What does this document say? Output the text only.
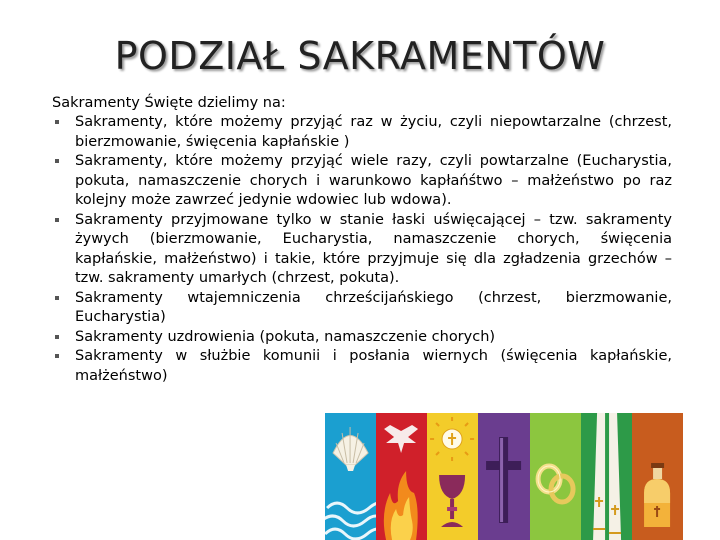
PODZIAŁ SAKRAMENTÓW
Sakramenty Święte dzielimy na:
Sakramenty, które możemy przyjąć raz w życiu, czyli niepowtarzalne (chrzest, bierzmowanie, święcenia kapłańskie )
Sakramenty, które możemy przyjąć wiele razy, czyli powtarzalne (Eucharystia, pokuta, namaszczenie chorych i warunkowo kapłańśtwo – małżeństwo po raz kolejny może zawrzeć jedynie wdowiec lub wdowa).
Sakramenty przyjmowane tylko w stanie łaski uświęcającej – tzw. sakramenty żywych (bierzmowanie, Eucharystia, namaszczenie chorych, święcenia kapłańskie, małżeństwo) i takie, które przyjmuje się dla zgładzenia grzechów – tzw. sakramenty umarłych (chrzest, pokuta).
Sakramenty wtajemniczenia chrześcijańskiego (chrzest, bierzmowanie, Eucharystia)
Sakramenty uzdrowienia (pokuta, namaszczenie chorych)
Sakramenty w służbie komunii i posłania wiernych (święcenia kapłańskie, małżeństwo)
